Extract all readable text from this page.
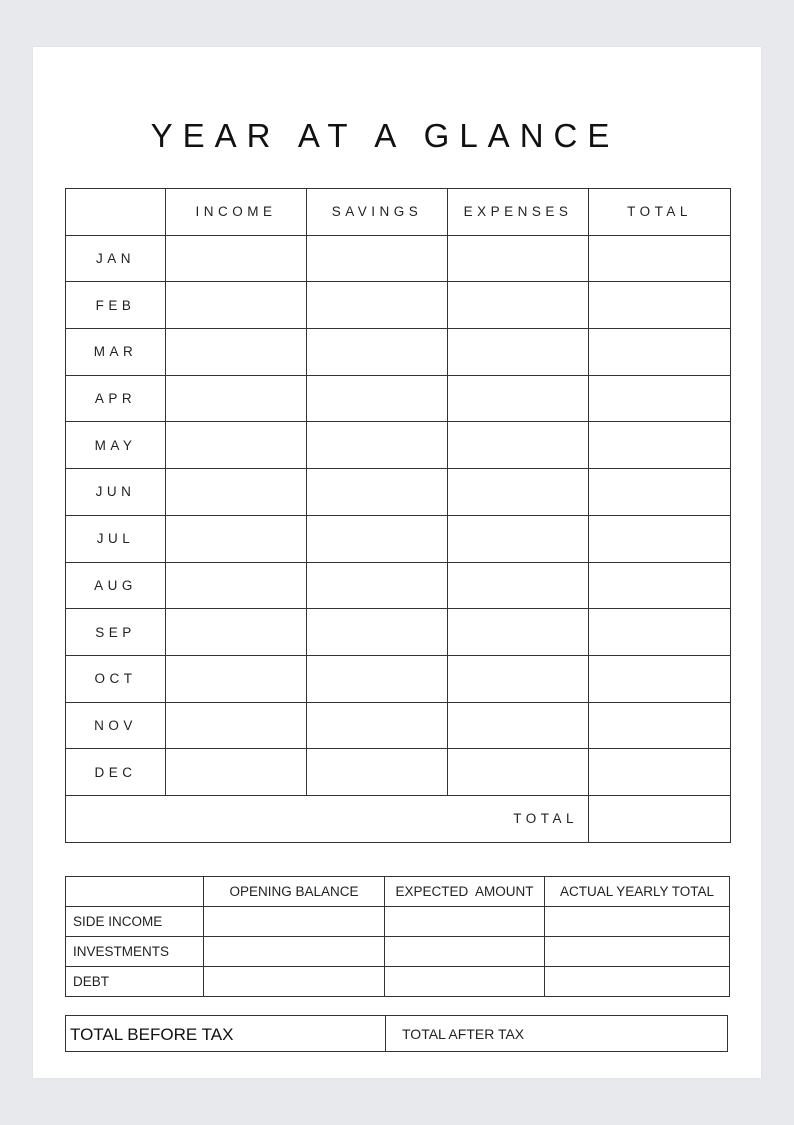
YEAR AT A GLANCE
	INCOME	SAVINGS	EXPENSES	TOTAL
JAN				
FEB				
MAR				
APR				
MAY				
JUN				
JUL				
AUG				
SEP				
OCT				
NOV				
DEC				
TOTAL				
	OPENING BALANCE	EXPECTED  AMOUNT	ACTUAL YEARLY TOTAL
SIDE INCOME			
INVESTMENTS			
DEBT			
TOTAL BEFORE TAX	TOTAL AFTER TAX
